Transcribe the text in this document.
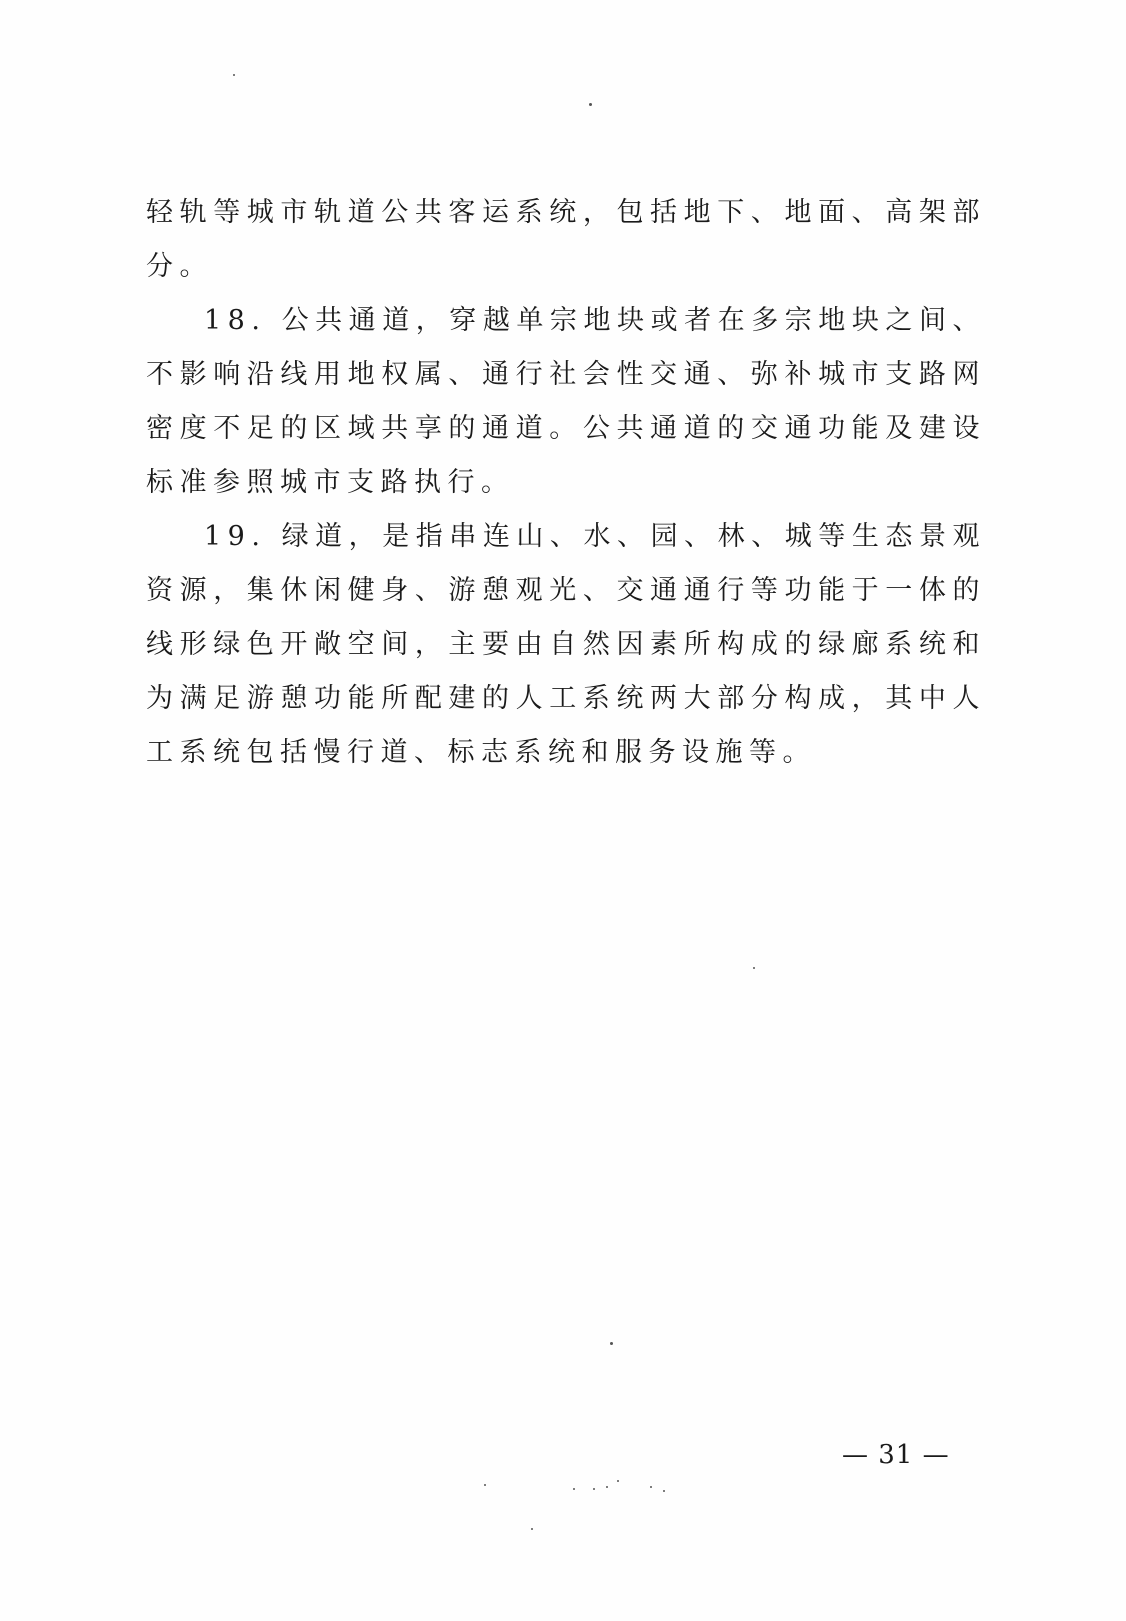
轻轨等城市轨道公共客运系统，包括地下、地面、高架部分。

18. 公共通道，穿越单宗地块或者在多宗地块之间、不影响沿线用地权属、通行社会性交通、弥补城市支路网密度不足的区域共享的通道。公共通道的交通功能及建设标准参照城市支路执行。

19. 绿道，是指串连山、水、园、林、城等生态景观资源，集休闲健身、游憩观光、交通通行等功能于一体的线形绿色开敞空间，主要由自然因素所构成的绿廊系统和为满足游憩功能所配建的人工系统两大部分构成，其中人工系统包括慢行道、标志系统和服务设施等。

— 31 —
